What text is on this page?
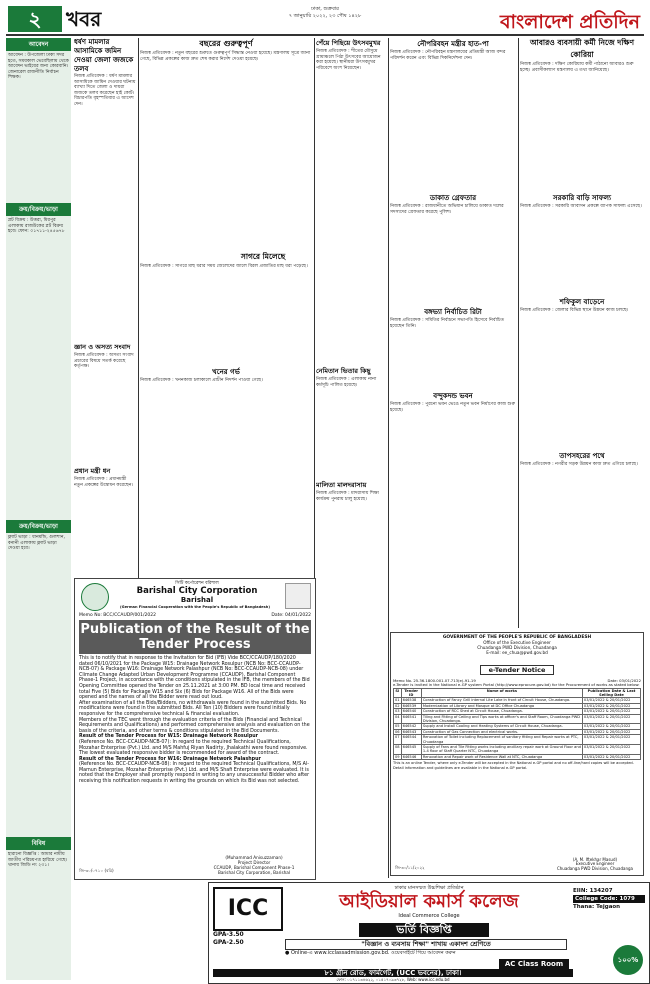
২	খবর	ঢাকা, শুক্রবার
৭ জানুয়ারি ২০২২, ২৩ পৌষ ১৪২৮	বাংলাদেশ প্রতিদিন
আবেদন
আবেদন : উপজেলা ঢাকা সদর হতে, সময়কাল ভেবেছিলাম থেকে আবেদন ভাইয়ের জন্য কোরবানি। জেনারেল রাজনীতি নির্বাচন শিক্ষক।
ক্রয়/বিক্রয়/ভাড়া
প্লট বিক্রয় : উত্তরা, মিরপুর এলাকায় রাজউকের প্লট বিক্রয় হবে। ফোন: ০১৭১১-২৪৫৬৭৮
ক্রয়/বিক্রয়/ভাড়া
ফ্ল্যাট ভাড়া : ধানমন্ডি, গুলশান, বনানী এলাকায় ফ্ল্যাট ভাড়া দেওয়া হবে।
বিবিধ
হারানো বিজ্ঞপ্তি : আমার নামীয় জাতীয় পরিচয়পত্র হারিয়ে গেছে। থানায় জিডি নং ২৩১।
ধর্ষণ মামলার আসামিকে জমিন দেওয়া জেলা জজকে তলব
নিজস্ব প্রতিবেদক : ধর্ষণ মামলার আসামিকে জামিন দেওয়ার ঘটনায় ব্যাখ্যা দিতে জেলা ও দায়রা জজকে তলব করেছেন হাই কোর্ট। বিচারপতি বৃহস্পতিবার এ আদেশ দেন।
বছরের গুরুত্বপূর্ণ
নিজস্ব প্রতিবেদক : নতুন বছরের শুরুতে গুরুত্বপূর্ণ সিদ্ধান্ত নেওয়া হয়েছে। মন্ত্রণালয় সূত্রে জানা গেছে, বিভিন্ন প্রকল্পের কাজ দ্রুত শেষ করার নির্দেশ দেওয়া হয়েছে।
পেঁয়ে পিছিয়ে উৎসবমুখর
নিজস্ব প্রতিবেদক : শীতের মৌসুমে গ্রামাঞ্চলে পিঠা উৎসবের আয়োজন করা হয়েছে। স্থানীয়রা উৎসবমুখর পরিবেশে অংশ নিয়েছেন।
নৌপরিবহন মন্ত্রীর হাত-পা
নিজস্ব প্রতিবেদক : নৌপরিবহন মন্ত্রণালয়ের প্রতিমন্ত্রী আজ বন্দর পরিদর্শন করেন এবং বিভিন্ন দিকনির্দেশনা দেন।
আবারও ব্যবসায়ী কর্মী নিজে দক্ষিণ কোরিয়া
নিজস্ব প্রতিবেদক : দক্ষিণ কোরিয়ায় কর্মী পাঠানো আবারও শুরু হচ্ছে। প্রবাসীকল্যাণ মন্ত্রণালয় এ তথ্য জানিয়েছে।
ডাকাত গ্রেফতার
নিজস্ব প্রতিবেদক : রাজধানীতে অভিযান চালিয়ে ডাকাত দলের সদস্যদের গ্রেফতার করেছে পুলিশ।
বঙ্গভ্যা নির্বাচিত রিটা
নিজস্ব প্রতিবেদক : সমিতির নির্বাচনে সভাপতি হিসেবে নির্বাচিত হয়েছেন তিনি।
বন্দুকদন্ড ভবন
নিজস্ব প্রতিবেদক : পুরনো ভবন ভেঙে নতুন ভবন নির্মাণের কাজ শুরু হয়েছে।
সরকারি বাড়ি সাফল্য
নিজস্ব প্রতিবেদক : সরকারি আবাসন প্রকল্পে ব্যাপক সাফল্য এসেছে।
শফিকুল বাড়েনে
নিজস্ব প্রতিবেদক : জেলার বিভিন্ন স্থানে উন্নয়ন কাজ চলছে।
তাপসহরের পথে
নিজস্ব প্রতিবেদক : নগরীর সড়ক উন্নয়ন কাজ দ্রুত এগিয়ে চলছে।
জ্ঞান ও অসত্য সংবাদ
নিজস্ব প্রতিবেদক : অসত্য সংবাদ প্রচারের বিষয়ে সতর্ক করেছে কর্তৃপক্ষ।
সাগরে মিলেছে
নিজস্ব প্রতিবেদক : সাগরে মাছ ধরার সময় জেলেদের জালে বিরল প্রজাতির মাছ ধরা পড়েছে।
মালিতা মালদরাসায়
নিজস্ব প্রতিবেদক : মাদরাসায় শিক্ষা কার্যক্রম পুনরায় চালু হয়েছে।
খনের গর্ভ
নিজস্ব প্রতিবেদক : খননকাজ চলাকালে প্রাচীন নিদর্শন পাওয়া গেছে।
নেমিতান ভিতার কিছু
নিজস্ব প্রতিবেদক : এলাকায় নানা কর্মসূচি পালিত হয়েছে।
প্রধান মন্ত্রী ধন
নিজস্ব প্রতিবেদক : প্রধানমন্ত্রী নতুন প্রকল্পের উদ্বোধন করেছেন।
সিটি কর্পোরেশন বরিশাল
Barishal City Corporation
Barishal
(German Financial Cooperation with the People's Republic of Bangladesh)
Memo No: BCC/CCAUDP/001/2022	Date: 04/01/2022
Publication of the Result of the Tender Process
This is to notify that in response to the Invitation for Bid (IFB) Vide BCC/CCAUDP/180/2020 dated 06/10/2021 for the Package W15: Drainage Network Rosulpur (NCB No: BCC-CCAUDP-NCB-07) & Package W16: Drainage Network Palashpur (NCB No: BCC-CCAUDP-NCB-08) under Climate Change Adapted Urban Development Programme (CCAUDP), Barishal Component Phase-1 Project, in accordance with the conditions stipulated in the IFB, the members of the Bid Opening Committee opened the Tender on 25.11.2021 at 3:00 PM. BD local time and received total Five (5) Bids for Package W15 and Six (6) Bids for Package W16. All of the Bids were opened and the names of all the Bidder were read out loud.
After examination of all the Bids/Bidders, no withdrawals were found in the submitted Bids. No modifications were found in the submitted Bids. All Ten (10) Bidders were found initially responsive for the comprehensive technical & financial evaluation.
Members of the TEC went through the evaluation criteria of the Bids (Financial and Technical Requirements and Qualifications) and performed comprehensive analysis and evaluation on the basis of the criteria, and other terms & conditions stipulated in the Bid Documents.
Result of the Tender Process for W15: Drainage Network Rosulpur
(Reference No. BCC-CCAUDP-NCB-07): In regard to the required Technical Qualifications, Mozahar Enterprise (Pvt.) Ltd. and M/S Mahfuj Riyan Nadirty, Jhalakathi were found responsive. The lowest evaluated responsive bidder is recommended for award of the contract.
Result of the Tender Process for W16: Drainage Network Palashpur
(Reference No. BCC-CCAUDP-NCB-08): In regard to the required Technical Qualifications, M/S Al-Mamun Enterprise, Mozahar Enterprise (Pvt.) Ltd. and M/S Shafi Enterprise were evaluated. It is noted that the Employer shall promptly respond in writing to any unsuccessful Bidder who after receiving this notification requests in writing the grounds on which its Bid was not selected.
(Muhammad Anisuzzaman)
Project Director
CCAUDP, Barishal Component Phase-1
Barishal City Corporation, Barishal
জি-৩০/০৭১০ (বরি)
GOVERNMENT OF THE PEOPLE'S REPUBLIC OF BANGLADESH
Office of the Executive Engineer
Chuadanga PWD Division, Chuadanga
E-mail: ee_chua@pwd.gov.bd
e-Tender Notice
Memo No. 25.36.1800.001.07.713(e)-91-19	Date: 03/01/2022
e-Tender is invited in the National e-GP system Portal (http://www.eprocure.gov.bd) for the Procurement of works as stated below:
Sl	Tender ID	Name of works	Publication Date & Last Selling Date
01	646538	Construction of Fancy Grill internal Lite Lake in front of Circuit House, Chuadanga.	03/01/2022 & 20/01/2022
02	646539	Modernization of Library and Mosque at DC Office Chuadanga	03/01/2022 & 20/01/2022
03	646540	Construction of RCC Shed at Circuit House, Chuadanga.	03/01/2022 & 20/01/2022
04	646541	Tiling and Fitting of Ceiling and Tips works at officer's and Staff Room, Chuadanga PWD Division, Chuadanga.	03/01/2022 & 20/01/2022
05	646542	Supply and Install Cooling and Heating Systems of Circuit House, Chuadanga.	03/01/2022 & 20/01/2022
06	646543	Construction of Gas Connection and electrical works.	03/01/2022 & 20/01/2022
07	646544	Renovation of Toilet including Replacement of sanitary fitting and Repair works at PTC, Chuadanga	03/01/2022 & 20/01/2022
08	646545	Supply of Fans and Tile Fitting works including ancillary repair work at Ground Floor and 1-4 floor of Staff Quarter NTC, Chuadanga	03/01/2022 & 20/01/2022
09	646546	Renovation and Repair work of Residence Wall at NTC, Chuadanga	03/01/2022 & 20/01/2022
This is an online Tender, where only e-Tender will be accepted in the National e-GP portal and no off-line/hard copies will be accepted. Detail information and guidelines are available in the National e-GP portal.
(A. M. Iftekhar Masud)
Executive Engineer
Chuadanga PWD Division, Chuadanga
জি-৩০/১১/২০২২
ICC
ঢাকার মানসম্মত উচ্চশিক্ষা প্রতিষ্ঠান
আইডিয়াল কমার্স কলেজ
Ideal Commerce College
EIIN: 134207
College Code: 1079
Thana: Tejgaon
GPA-3.50
GPA-2.50
ভর্তি বিজ্ঞপ্তি
"বিজ্ঞান ও ব্যবসায় শিক্ষা" শাখায় একাদশ শ্রেণিতে
● Online-এ www.icclassadmission.gov.bd. ওয়েবসাইটে গিয়ে আবেদন করুন
AC Class Room	১০০%
৮১ গ্রীন রোড, ফার্মগেট, (UCC ভবনের), ঢাকা।
ফোন: ০১৭১১৩৪৬২২, ০১৫১৭০৯৩৭২৮, Web: www.icc.edu.bd
